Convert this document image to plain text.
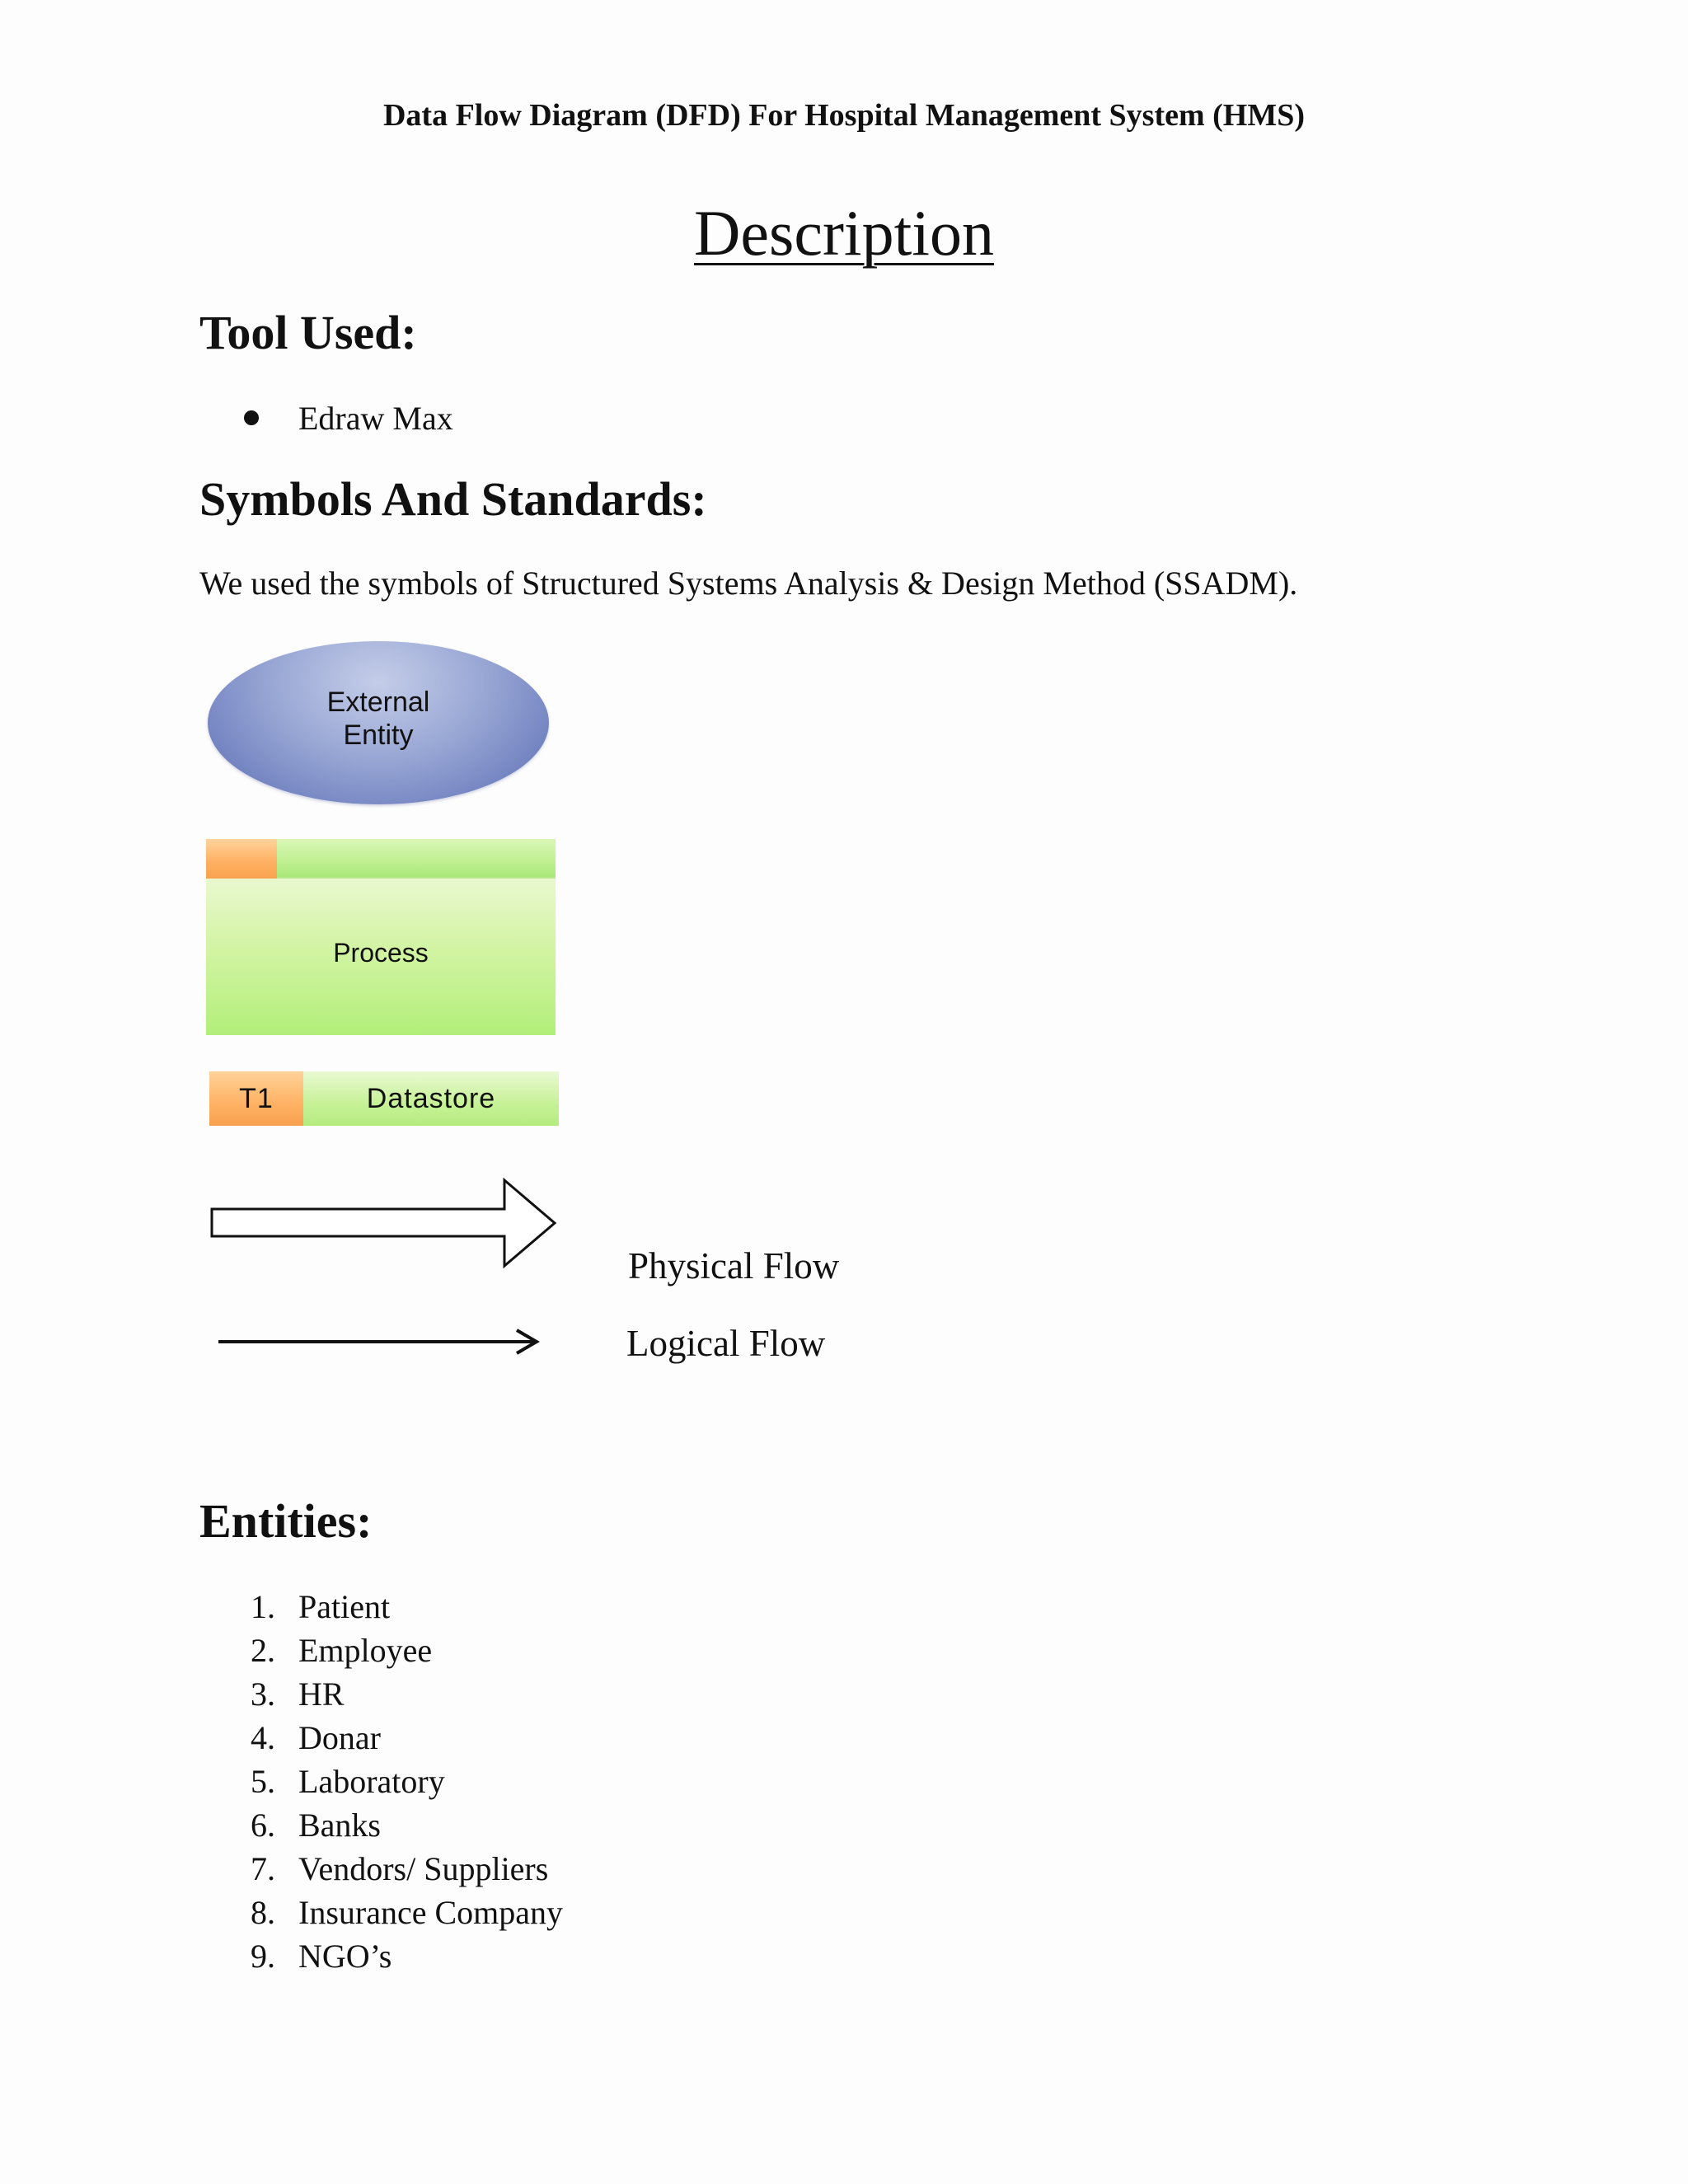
Data Flow Diagram (DFD) For Hospital Management System (HMS)
Description
Tool Used:
Edraw Max
Symbols And Standards:
We used the symbols of Structured Systems Analysis & Design Method (SSADM).
External
Entity
Process
T1	Datastore
Physical Flow
Logical Flow
Entities:
1. Patient
2. Employee
3. HR
4. Donar
5. Laboratory
6. Banks
7. Vendors/ Suppliers
8. Insurance Company
9. NGO’s
